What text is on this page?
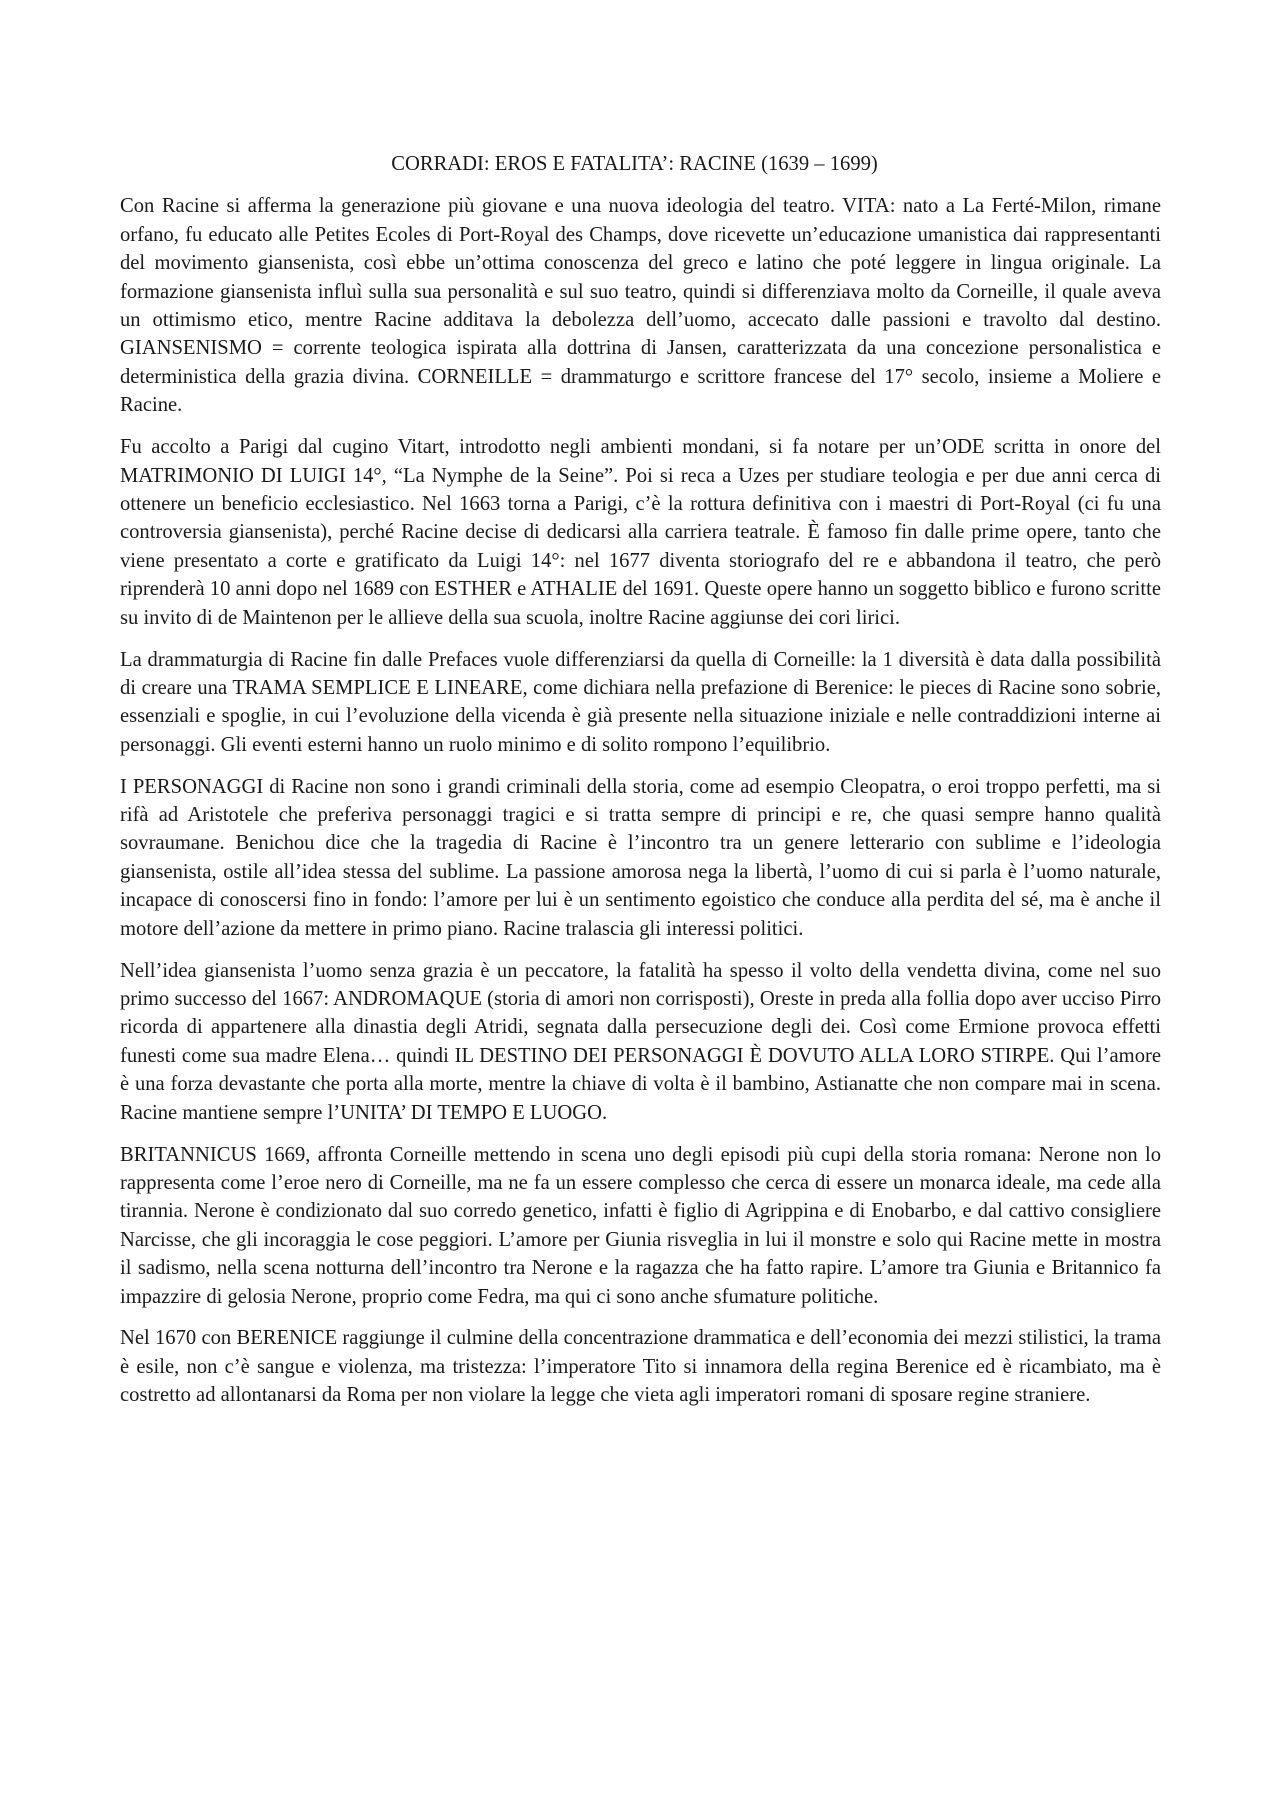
CORRADI: EROS E FATALITA’: RACINE (1639 – 1699)

Con Racine si afferma la generazione più giovane e una nuova ideologia del teatro. VITA: nato a La Ferté-Milon, rimane orfano, fu educato alle Petites Ecoles di Port-Royal des Champs, dove ricevette un’educazione umanistica dai rappresentanti del movimento giansenista, così ebbe un’ottima conoscenza del greco e latino che poté leggere in lingua originale. La formazione giansenista influì sulla sua personalità e sul suo teatro, quindi si differenziava molto da Corneille, il quale aveva un ottimismo etico, mentre Racine additava la debolezza dell’uomo, accecato dalle passioni e travolto dal destino. GIANSENISMO = corrente teologica ispirata alla dottrina di Jansen, caratterizzata da una concezione personalistica e deterministica della grazia divina. CORNEILLE = drammaturgo e scrittore francese del 17° secolo, insieme a Moliere e Racine.

Fu accolto a Parigi dal cugino Vitart, introdotto negli ambienti mondani, si fa notare per un’ODE scritta in onore del MATRIMONIO DI LUIGI 14°, “La Nymphe de la Seine”. Poi si reca a Uzes per studiare teologia e per due anni cerca di ottenere un beneficio ecclesiastico. Nel 1663 torna a Parigi, c’è la rottura definitiva con i maestri di Port-Royal (ci fu una controversia giansenista), perché Racine decise di dedicarsi alla carriera teatrale. È famoso fin dalle prime opere, tanto che viene presentato a corte e gratificato da Luigi 14°: nel 1677 diventa storiografo del re e abbandona il teatro, che però riprenderà 10 anni dopo nel 1689 con ESTHER e ATHALIE del 1691. Queste opere hanno un soggetto biblico e furono scritte su invito di de Maintenon per le allieve della sua scuola, inoltre Racine aggiunse dei cori lirici.

La drammaturgia di Racine fin dalle Prefaces vuole differenziarsi da quella di Corneille: la 1 diversità è data dalla possibilità di creare una TRAMA SEMPLICE E LINEARE, come dichiara nella prefazione di Berenice: le pieces di Racine sono sobrie, essenziali e spoglie, in cui l’evoluzione della vicenda è già presente nella situazione iniziale e nelle contraddizioni interne ai personaggi. Gli eventi esterni hanno un ruolo minimo e di solito rompono l’equilibrio.

I PERSONAGGI di Racine non sono i grandi criminali della storia, come ad esempio Cleopatra, o eroi troppo perfetti, ma si rifà ad Aristotele che preferiva personaggi tragici e si tratta sempre di principi e re, che quasi sempre hanno qualità sovraumane. Benichou dice che la tragedia di Racine è l’incontro tra un genere letterario con sublime e l’ideologia giansenista, ostile all’idea stessa del sublime. La passione amorosa nega la libertà, l’uomo di cui si parla è l’uomo naturale, incapace di conoscersi fino in fondo: l’amore per lui è un sentimento egoistico che conduce alla perdita del sé, ma è anche il motore dell’azione da mettere in primo piano. Racine tralascia gli interessi politici.

Nell’idea giansenista l’uomo senza grazia è un peccatore, la fatalità ha spesso il volto della vendetta divina, come nel suo primo successo del 1667: ANDROMAQUE (storia di amori non corrisposti), Oreste in preda alla follia dopo aver ucciso Pirro ricorda di appartenere alla dinastia degli Atridi, segnata dalla persecuzione degli dei. Così come Ermione provoca effetti funesti come sua madre Elena… quindi IL DESTINO DEI PERSONAGGI È DOVUTO ALLA LORO STIRPE. Qui l’amore è una forza devastante che porta alla morte, mentre la chiave di volta è il bambino, Astianatte che non compare mai in scena. Racine mantiene sempre l’UNITA’ DI TEMPO E LUOGO.

BRITANNICUS 1669, affronta Corneille mettendo in scena uno degli episodi più cupi della storia romana: Nerone non lo rappresenta come l’eroe nero di Corneille, ma ne fa un essere complesso che cerca di essere un monarca ideale, ma cede alla tirannia. Nerone è condizionato dal suo corredo genetico, infatti è figlio di Agrippina e di Enobarbo, e dal cattivo consigliere Narcisse, che gli incoraggia le cose peggiori. L’amore per Giunia risveglia in lui il monstre e solo qui Racine mette in mostra il sadismo, nella scena notturna dell’incontro tra Nerone e la ragazza che ha fatto rapire. L’amore tra Giunia e Britannico fa impazzire di gelosia Nerone, proprio come Fedra, ma qui ci sono anche sfumature politiche.

Nel 1670 con BERENICE raggiunge il culmine della concentrazione drammatica e dell’economia dei mezzi stilistici, la trama è esile, non c’è sangue e violenza, ma tristezza: l’imperatore Tito si innamora della regina Berenice ed è ricambiato, ma è costretto ad allontanarsi da Roma per non violare la legge che vieta agli imperatori romani di sposare regine straniere.
